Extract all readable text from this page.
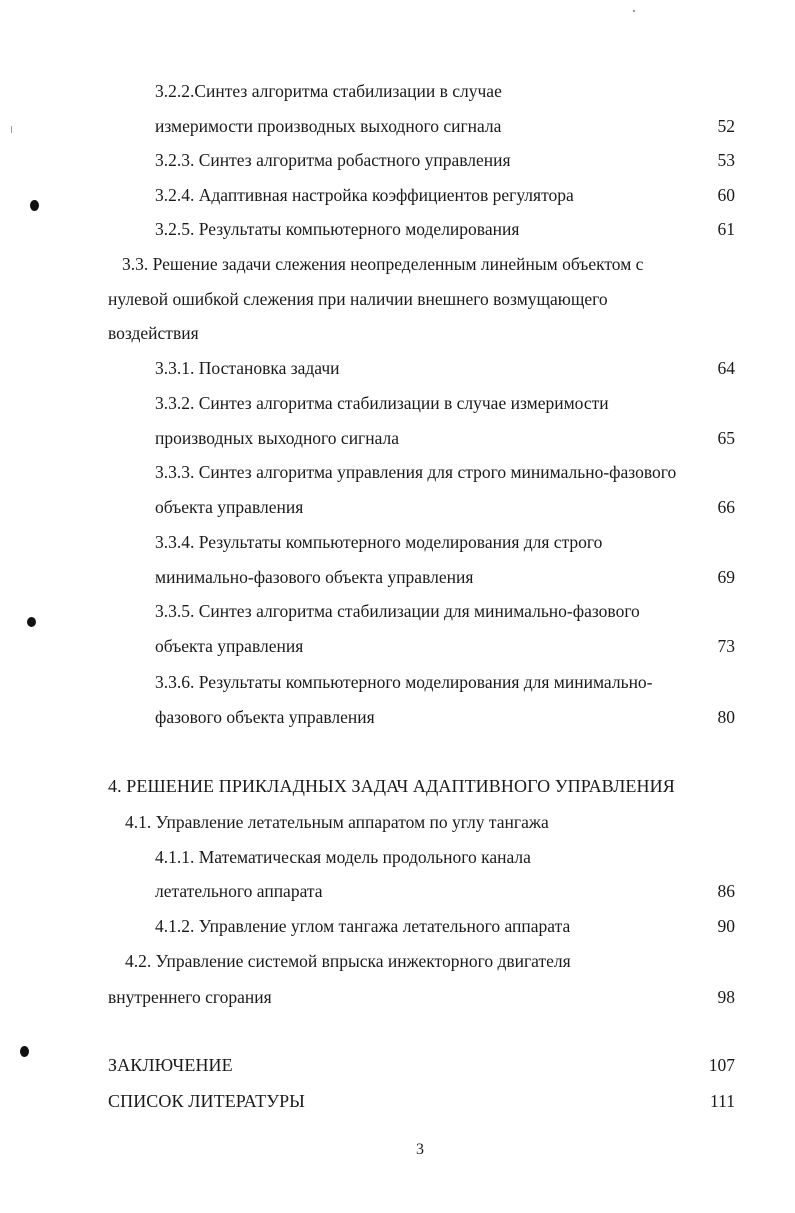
3.2.2.Синтез алгоритма стабилизации в случае
измеримости производных выходного сигнала	52
3.2.3. Синтез алгоритма робастного управления	53
3.2.4. Адаптивная настройка коэффициентов регулятора	60
3.2.5. Результаты компьютерного моделирования	61
3.3. Решение задачи слежения неопределенным линейным объектом с
нулевой ошибкой слежения при наличии внешнего возмущающего
воздействия
3.3.1. Постановка задачи	64
3.3.2. Синтез алгоритма стабилизации в случае измеримости
производных выходного сигнала	65
3.3.3. Синтез алгоритма управления для строго минимально-фазового
объекта управления	66
3.3.4. Результаты компьютерного моделирования для строго
минимально-фазового объекта управления	69
3.3.5. Синтез алгоритма стабилизации для минимально-фазового
объекта управления	73
3.3.6. Результаты компьютерного моделирования для минимально-
фазового объекта управления	80
4. РЕШЕНИЕ ПРИКЛАДНЫХ ЗАДАЧ АДАПТИВНОГО УПРАВЛЕНИЯ
4.1. Управление летательным аппаратом по углу тангажа
4.1.1. Математическая модель продольного канала
летательного аппарата	86
4.1.2. Управление углом тангажа летательного аппарата	90
4.2. Управление системой впрыска инжекторного двигателя
внутреннего сгорания	98
ЗАКЛЮЧЕНИЕ	107
СПИСОК ЛИТЕРАТУРЫ	111
3
